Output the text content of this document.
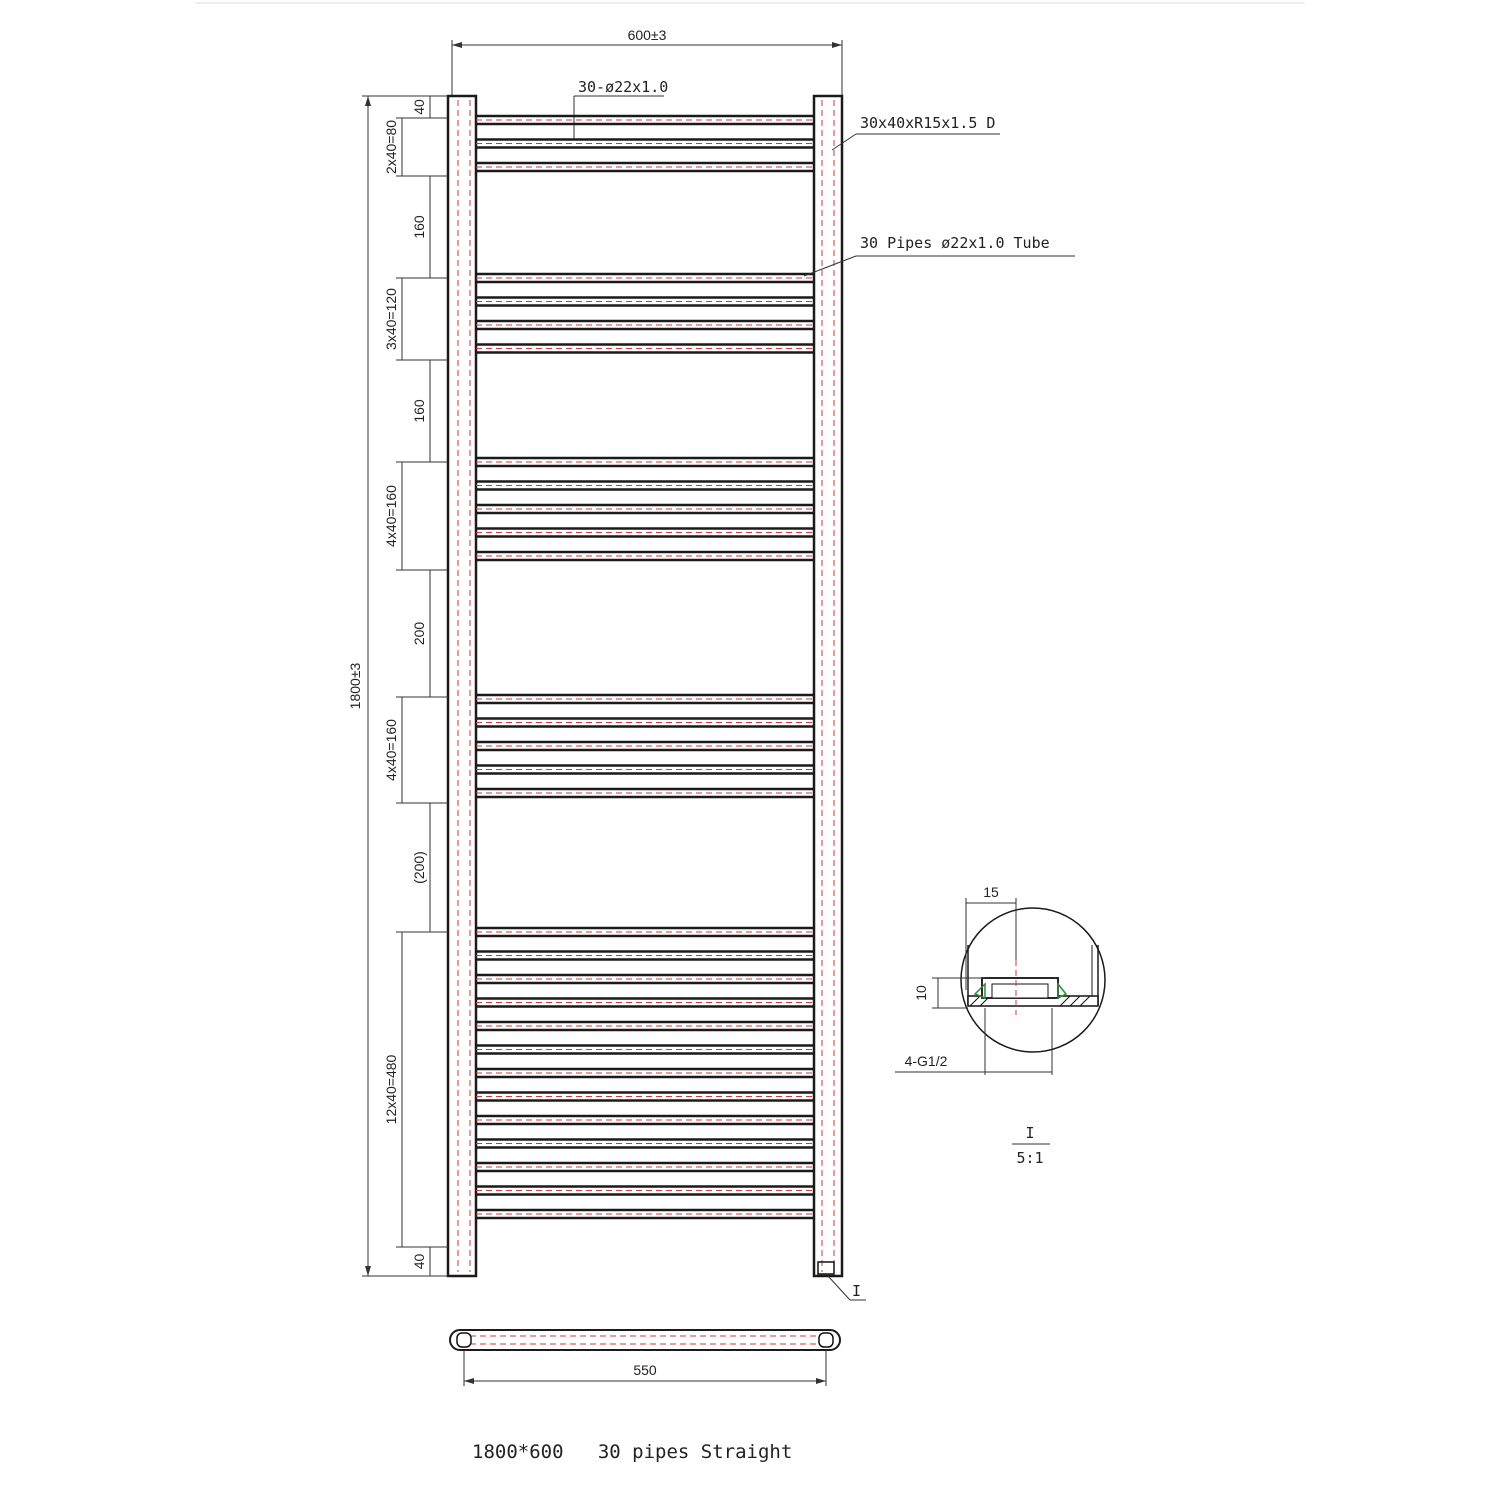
600±3
30-ø22x1.0
30x40xR15x1.5 D
30 Pipes ø22x1.0 Tube
1800±3
40
2x40=80
160
3x40=120
160
4x40=160
200
4x40=160
(200)
12x40=480
40
I
550
15
10
4-G1/2
I
5:1
1800*600   30 pipes Straight
